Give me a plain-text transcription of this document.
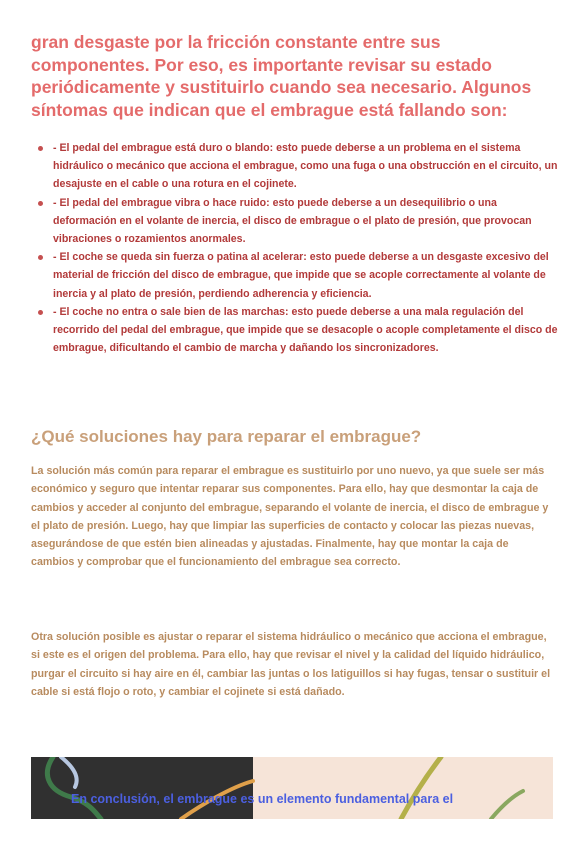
gran desgaste por la fricción constante entre sus componentes. Por eso, es importante revisar su estado periódicamente y sustituirlo cuando sea necesario. Algunos síntomas que indican que el embrague está fallando son:

- El pedal del embrague está duro o blando: esto puede deberse a un problema en el sistema hidráulico o mecánico que acciona el embrague, como una fuga o una obstrucción en el circuito, un desajuste en el cable o una rotura en el cojinete.
- El pedal del embrague vibra o hace ruido: esto puede deberse a un desequilibrio o una deformación en el volante de inercia, el disco de embrague o el plato de presión, que provocan vibraciones o rozamientos anormales.
- El coche se queda sin fuerza o patina al acelerar: esto puede deberse a un desgaste excesivo del material de fricción del disco de embrague, que impide que se acople correctamente al volante de inercia y al plato de presión, perdiendo adherencia y eficiencia.
- El coche no entra o sale bien de las marchas: esto puede deberse a una mala regulación del recorrido del pedal del embrague, que impide que se desacople o acople completamente el disco de embrague, dificultando el cambio de marcha y dañando los sincronizadores.
¿Qué soluciones hay para reparar el embrague?

La solución más común para reparar el embrague es sustituirlo por uno nuevo, ya que suele ser más económico y seguro que intentar reparar sus componentes. Para ello, hay que desmontar la caja de cambios y acceder al conjunto del embrague, separando el volante de inercia, el disco de embrague y el plato de presión. Luego, hay que limpiar las superficies de contacto y colocar las piezas nuevas, asegurándose de que estén bien alineadas y ajustadas. Finalmente, hay que montar la caja de cambios y comprobar que el funcionamiento del embrague sea correcto.

Otra solución posible es ajustar o reparar el sistema hidráulico o mecánico que acciona el embrague, si este es el origen del problema. Para ello, hay que revisar el nivel y la calidad del líquido hidráulico, purgar el circuito si hay aire en él, cambiar las juntas o los latiguillos si hay fugas, tensar o sustituir el cable si está flojo o roto, y cambiar el cojinete si está dañado.

En conclusión, el embrague es un elemento fundamental para el
